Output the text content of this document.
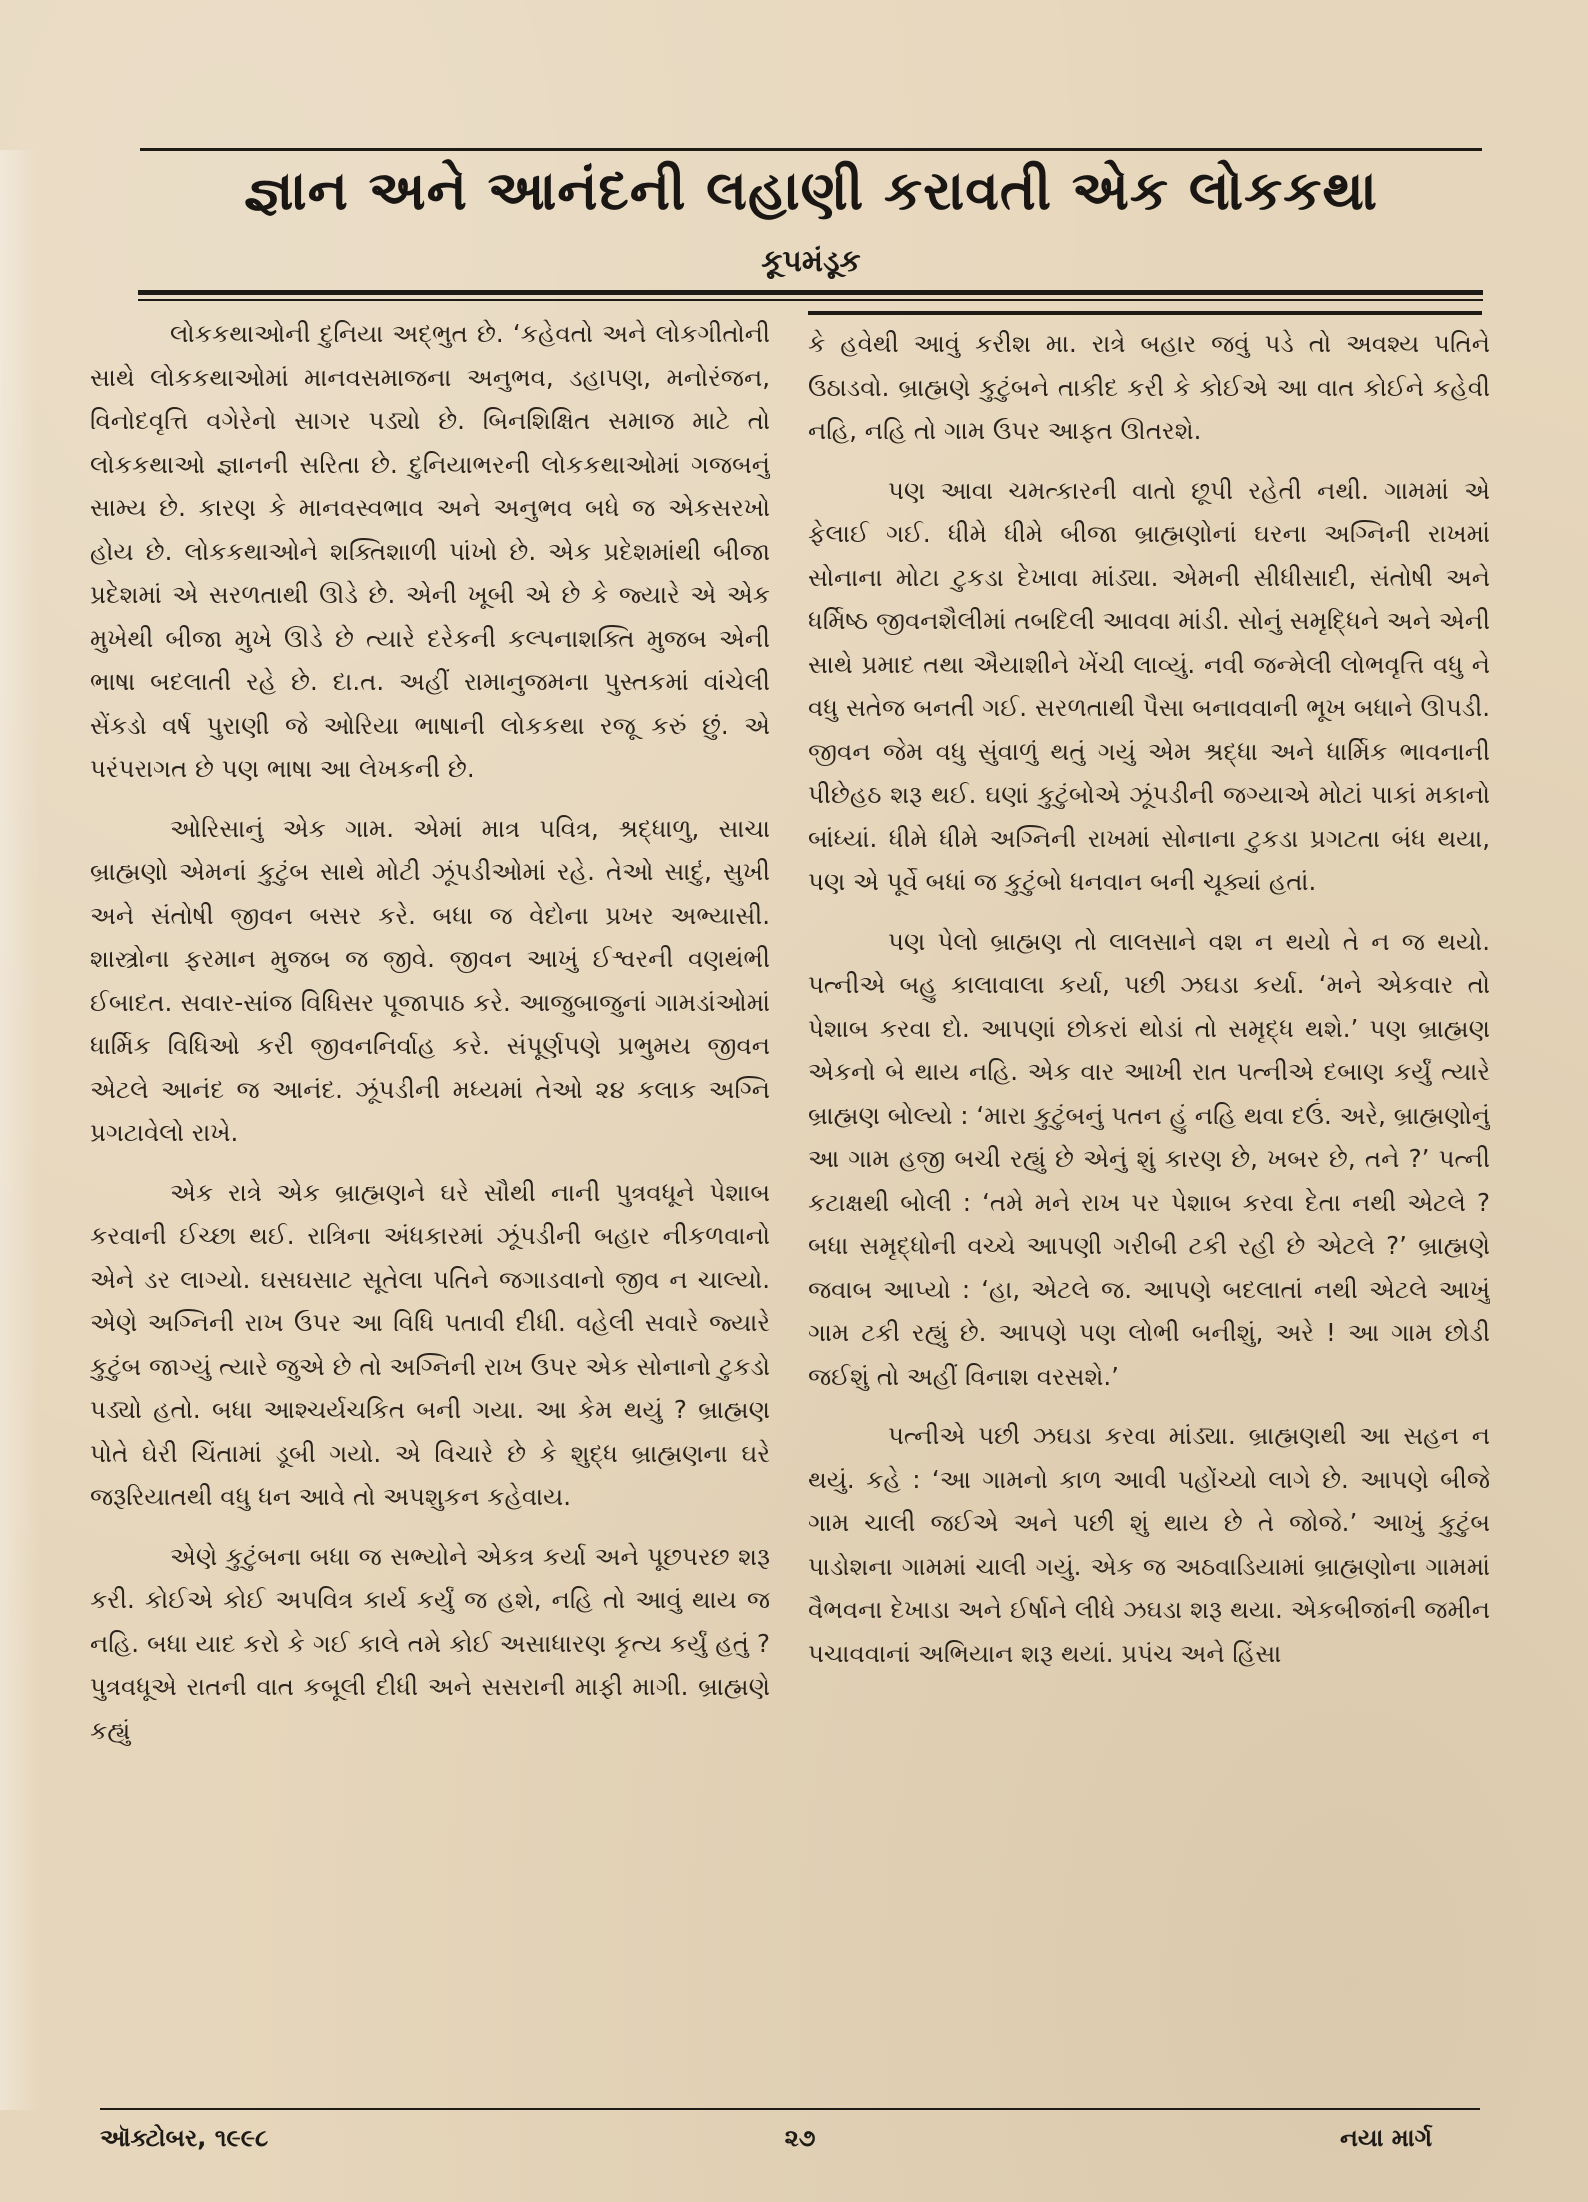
જ્ઞાન અને આનંદની લહાણી કરાવતી એક લોકકથા
કૂપમંડૂક

લોકકથાઓની દુનિયા અદ્ભુત છે. ‘કહેવતો અને લોકગીતોની સાથે લોકકથાઓમાં માનવસમાજના અનુભવ, ડહાપણ, મનોરંજન, વિનોદવૃત્તિ વગેરેનો સાગર પડ્યો છે. બિનશિક્ષિત સમાજ માટે તો લોકકથાઓ જ્ઞાનની સરિતા છે. દુનિયાભરની લોકકથાઓમાં ગજબનું સામ્ય છે. કારણ કે માનવસ્વભાવ અને અનુભવ બધે જ એકસરખો હોય છે. લોકકથાઓને શક્તિશાળી પાંખો છે. એક પ્રદેશમાંથી બીજા પ્રદેશમાં એ સરળતાથી ઊડે છે. એની ખૂબી એ છે કે જ્યારે એ એક મુખેથી બીજા મુખે ઊડે છે ત્યારે દરેકની કલ્પનાશક્તિ મુજબ એની ભાષા બદલાતી રહે છે. દા.ત. અહીં રામાનુજમના પુસ્તકમાં વાંચેલી સેંકડો વર્ષ પુરાણી જે ઓરિયા ભાષાની લોકકથા રજૂ કરું છું. એ પરંપરાગત છે પણ ભાષા આ લેખકની છે.

ઓરિસાનું એક ગામ. એમાં માત્ર પવિત્ર, શ્રદ્ધાળુ, સાચા બ્રાહ્મણો એમનાં કુટુંબ સાથે મોટી ઝૂંપડીઓમાં રહે. તેઓ સાદું, સુખી અને સંતોષી જીવન બસર કરે. બધા જ વેદોના પ્રખર અભ્યાસી. શાસ્ત્રોના ફરમાન મુજબ જ જીવે. જીવન આખું ઈશ્વરની વણથંભી ઈબાદત. સવાર-સાંજ વિધિસર પૂજાપાઠ કરે. આજુબાજુનાં ગામડાંઓમાં ધાર્મિક વિધિઓ કરી જીવનનિર્વાહ કરે. સંપૂર્ણપણે પ્રભુમય જીવન એટલે આનંદ જ આનંદ. ઝૂંપડીની મધ્યમાં તેઓ ૨૪ કલાક અગ્નિ પ્રગટાવેલો રાખે.

એક રાત્રે એક બ્રાહ્મણને ઘરે સૌથી નાની પુત્રવધૂને પેશાબ કરવાની ઈચ્છા થઈ. રાત્રિના અંધકારમાં ઝૂંપડીની બહાર નીકળવાનો એને ડર લાગ્યો. ઘસઘસાટ સૂતેલા પતિને જગાડવાનો જીવ ન ચાલ્યો. એણે અગ્નિની રાખ ઉપર આ વિધિ પતાવી દીધી. વહેલી સવારે જ્યારે કુટુંબ જાગ્યું ત્યારે જુએ છે તો અગ્નિની રાખ ઉપર એક સોનાનો ટુકડો પડ્યો હતો. બધા આશ્ચર્યચકિત બની ગયા. આ કેમ થયું ? બ્રાહ્મણ પોતે ઘેરી ચિંતામાં ડૂબી ગયો. એ વિચારે છે કે શુદ્ધ બ્રાહ્મણના ઘરે જરૂરિયાતથી વધુ ધન આવે તો અપશુકન કહેવાય.

એણે કુટુંબના બધા જ સભ્યોને એકત્ર કર્યા અને પૂછપરછ શરૂ કરી. કોઈએ કોઈ અપવિત્ર કાર્ય કર્યું જ હશે, નહિ તો આવું થાય જ નહિ. બધા યાદ કરો કે ગઈ કાલે તમે કોઈ અસાધારણ કૃત્ય કર્યું હતું ? પુત્રવધૂએ રાતની વાત કબૂલી દીધી અને સસરાની માફી માગી. બ્રાહ્મણે કહ્યું

કે હવેથી આવું કરીશ મા. રાત્રે બહાર જવું પડે તો અવશ્ય પતિને ઉઠાડવો. બ્રાહ્મણે કુટુંબને તાકીદ કરી કે કોઈએ આ વાત કોઈને કહેવી નહિ, નહિ તો ગામ ઉપર આફત ઊતરશે.

પણ આવા ચમત્કારની વાતો છૂપી રહેતી નથી. ગામમાં એ ફેલાઈ ગઈ. ધીમે ધીમે બીજા બ્રાહ્મણોનાં ઘરના અગ્નિની રાખમાં સોનાના મોટા ટુકડા દેખાવા માંડ્યા. એમની સીધીસાદી, સંતોષી અને ધર્મિષ્ઠ જીવનશૈલીમાં તબદિલી આવવા માંડી. સોનું સમૃદ્ધિને અને એની સાથે પ્રમાદ તથા ઐયાશીને ખેંચી લાવ્યું. નવી જન્મેલી લોભવૃત્તિ વધુ ને વધુ સતેજ બનતી ગઈ. સરળતાથી પૈસા બનાવવાની ભૂખ બધાને ઊપડી. જીવન જેમ વધુ સુંવાળું થતું ગયું એમ શ્રદ્ધા અને ધાર્મિક ભાવનાની પીછેહઠ શરૂ થઈ. ઘણાં કુટુંબોએ ઝૂંપડીની જગ્યાએ મોટાં પાકાં મકાનો બાંધ્યાં. ધીમે ધીમે અગ્નિની રાખમાં સોનાના ટુકડા પ્રગટતા બંધ થયા, પણ એ પૂર્વે બધાં જ કુટુંબો ધનવાન બની ચૂક્યાં હતાં.

પણ પેલો બ્રાહ્મણ તો લાલસાને વશ ન થયો તે ન જ થયો. પત્નીએ બહુ કાલાવાલા કર્યા, પછી ઝઘડા કર્યા. ‘મને એકવાર તો પેશાબ કરવા દો. આપણાં છોકરાં થોડાં તો સમૃદ્ધ થશે.’ પણ બ્રાહ્મણ એકનો બે થાય નહિ. એક વાર આખી રાત પત્નીએ દબાણ કર્યું ત્યારે બ્રાહ્મણ બોલ્યો : ‘મારા કુટુંબનું પતન હું નહિ થવા દઉં. અરે, બ્રાહ્મણોનું આ ગામ હજી બચી રહ્યું છે એનું શું કારણ છે, ખબર છે, તને ?’ પત્ની કટાક્ષથી બોલી : ‘તમે મને રાખ પર પેશાબ કરવા દેતા નથી એટલે ? બધા સમૃદ્ધોની વચ્ચે આપણી ગરીબી ટકી રહી છે એટલે ?’ બ્રાહ્મણે જવાબ આપ્યો : ‘હા, એટલે જ. આપણે બદલાતાં નથી એટલે આખું ગામ ટકી રહ્યું છે. આપણે પણ લોભી બનીશું, અરે ! આ ગામ છોડી જઈશું તો અહીં વિનાશ વરસશે.’

પત્નીએ પછી ઝઘડા કરવા માંડ્યા. બ્રાહ્મણથી આ સહન ન થયું. કહે : ‘આ ગામનો કાળ આવી પહોંચ્યો લાગે છે. આપણે બીજે ગામ ચાલી જઈએ અને પછી શું થાય છે તે જોજે.’ આખું કુટુંબ પાડોશના ગામમાં ચાલી ગયું. એક જ અઠવાડિયામાં બ્રાહ્મણોના ગામમાં વૈભવના દેખાડા અને ઈર્ષાને લીધે ઝઘડા શરૂ થયા. એકબીજાંની જમીન પચાવવાનાં અભિયાન શરૂ થયાં. પ્રપંચ અને હિંસા

ઑક્ટોબર, ૧૯૯૮	૨૭	નયા માર્ગ
